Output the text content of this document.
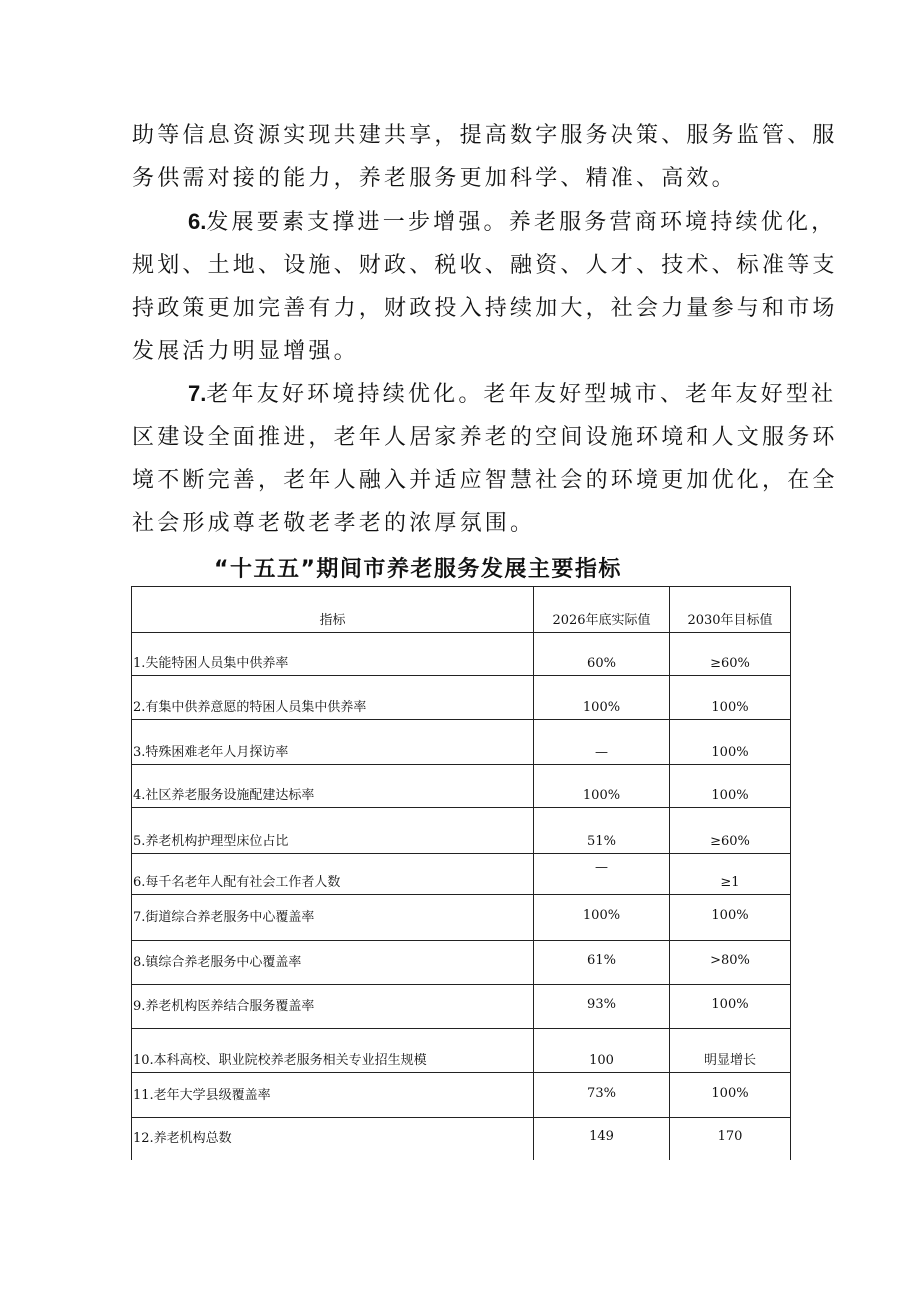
助等信息资源实现共建共享，提高数字服务决策、服务监管、服
务供需对接的能力，养老服务更加科学、精准、高效。
6.发展要素支撑进一步增强。养老服务营商环境持续优化，
规划、土地、设施、财政、税收、融资、人才、技术、标准等支
持政策更加完善有力，财政投入持续加大，社会力量参与和市场
发展活力明显增强。
7.老年友好环境持续优化。老年友好型城市、老年友好型社
区建设全面推进，老年人居家养老的空间设施环境和人文服务环
境不断完善，老年人融入并适应智慧社会的环境更加优化，在全
社会形成尊老敬老孝老的浓厚氛围。
“十五五”期间市养老服务发展主要指标
指标	2026年底实际值	2030年目标值
1.失能特困人员集中供养率	60%	≥60%
2.有集中供养意愿的特困人员集中供养率	100%	100%
3.特殊困难老年人月探访率	—	100%
4.社区养老服务设施配建达标率	100%	100%
5.养老机构护理型床位占比	51%	≥60%
6.每千名老年人配有社会工作者人数	—	≥1
7.街道综合养老服务中心覆盖率	100%	100%
8.镇综合养老服务中心覆盖率	61%	>80%
9.养老机构医养结合服务覆盖率	93%	100%
10.本科高校、职业院校养老服务相关专业招生规模	100	明显增长
11.老年大学县级覆盖率	73%	100%
12.养老机构总数	149	170
